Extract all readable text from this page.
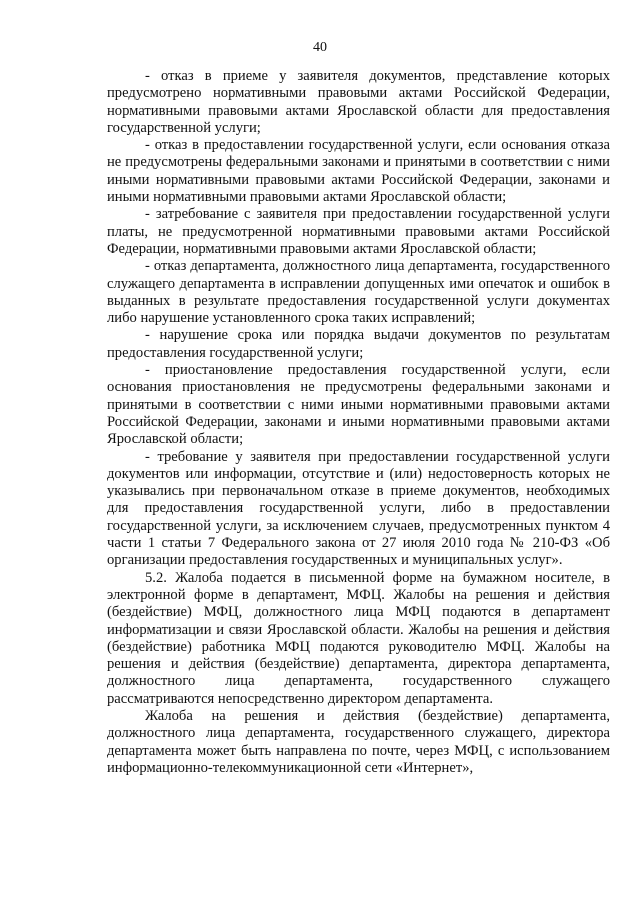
40

- отказ в приеме у заявителя документов, представление которых предусмотрено нормативными правовыми актами Российской Федерации, нормативными правовыми актами Ярославской области для предоставления государственной услуги;

- отказ в предоставлении государственной услуги, если основания отказа не предусмотрены федеральными законами и принятыми в соответствии с ними иными нормативными правовыми актами Российской Федерации, законами и иными нормативными правовыми актами Ярославской области;

- затребование с заявителя при предоставлении государственной услуги платы, не предусмотренной нормативными правовыми актами Российской Федерации, нормативными правовыми актами Ярославской области;

- отказ департамента, должностного лица департамента, государственного служащего департамента в исправлении допущенных ими опечаток и ошибок в выданных в результате предоставления государственной услуги документах либо нарушение установленного срока таких исправлений;

- нарушение срока или порядка выдачи документов по результатам предоставления государственной услуги;

- приостановление предоставления государственной услуги, если основания приостановления не предусмотрены федеральными законами и принятыми в соответствии с ними иными нормативными правовыми актами Российской Федерации, законами и иными нормативными правовыми актами Ярославской области;

- требование у заявителя при предоставлении государственной услуги документов или информации, отсутствие и (или) недостоверность которых не указывались при первоначальном отказе в приеме документов, необходимых для предоставления государственной услуги, либо в предоставлении государственной услуги, за исключением случаев, предусмотренных пунктом 4 части 1 статьи 7 Федерального закона от 27 июля 2010 года № 210-ФЗ «Об организации предоставления государственных и муниципальных услуг».

5.2. Жалоба подается в письменной форме на бумажном носителе, в электронной форме в департамент, МФЦ. Жалобы на решения и действия (бездействие) МФЦ, должностного лица МФЦ подаются в департамент информатизации и связи Ярославской области. Жалобы на решения и действия (бездействие) работника МФЦ подаются руководителю МФЦ. Жалобы на решения и действия (бездействие) департамента, директора департамента, должностного лица департамента, государственного служащего рассматриваются непосредственно директором департамента.

Жалоба на решения и действия (бездействие) департамента, должностного лица департамента, государственного служащего, директора департамента может быть направлена по почте, через МФЦ, с использованием информационно-телекоммуникационной сети «Интернет»,
